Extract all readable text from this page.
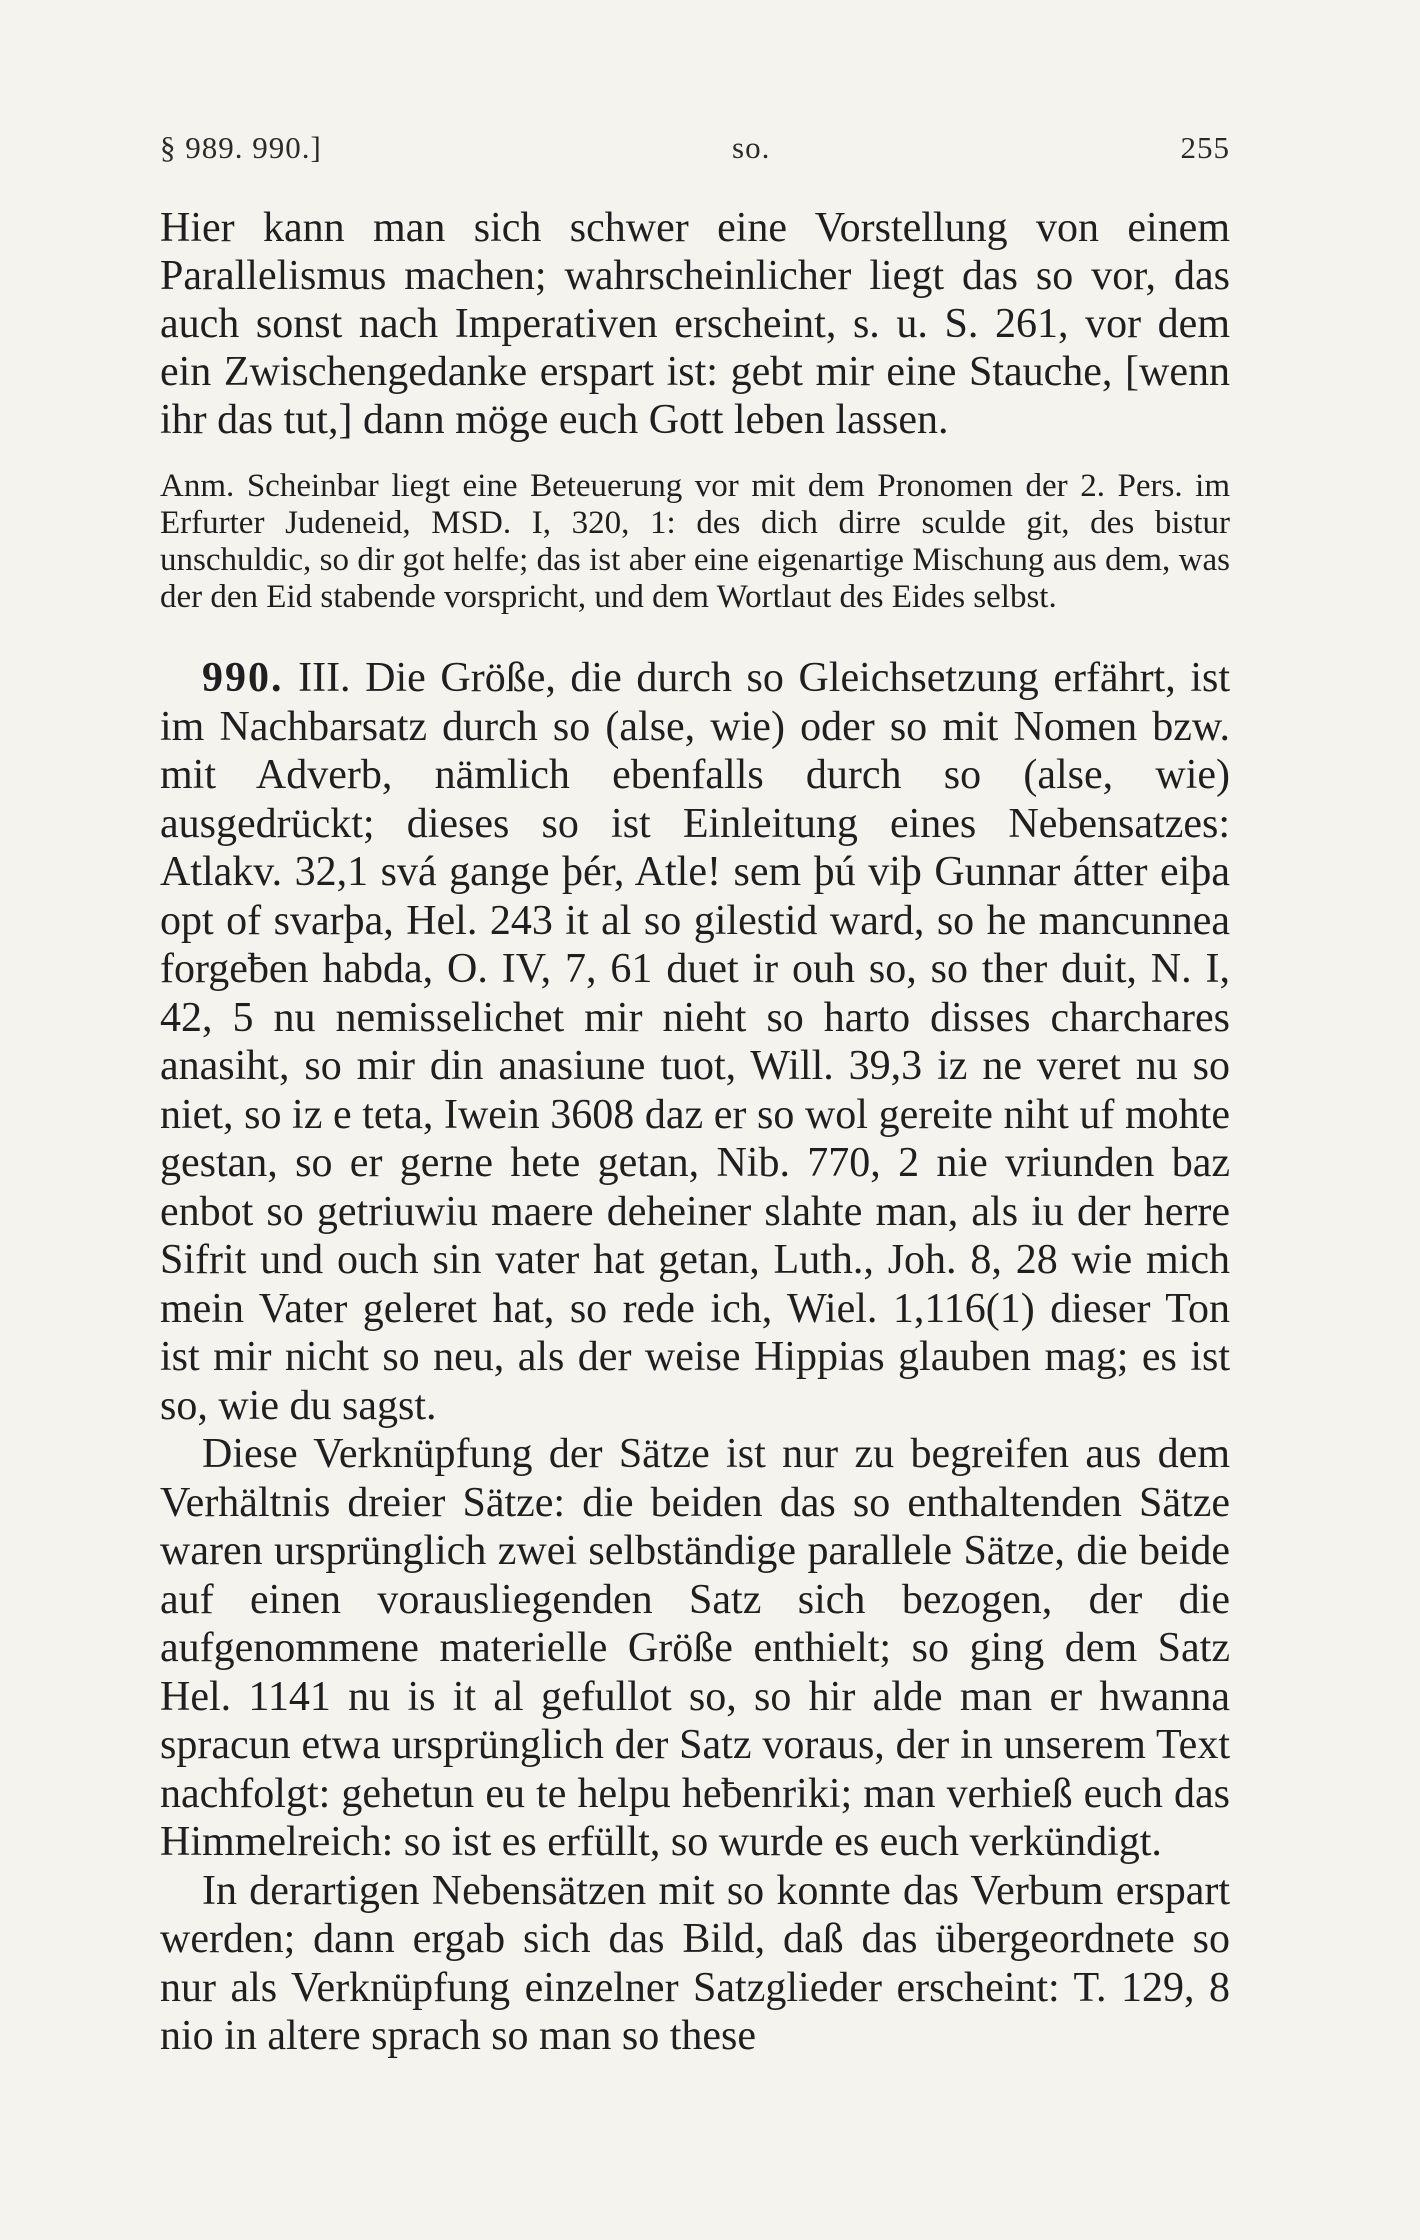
§ 989. 990.]	so.	255

Hier kann man sich schwer eine Vorstellung von einem Parallelismus machen; wahrscheinlicher liegt das so vor, das auch sonst nach Imperativen erscheint, s. u. S. 261, vor dem ein Zwischengedanke erspart ist: gebt mir eine Stauche, [wenn ihr das tut,] dann möge euch Gott leben lassen.

Anm. Scheinbar liegt eine Beteuerung vor mit dem Pronomen der 2. Pers. im Erfurter Judeneid, MSD. I, 320, 1: des dich dirre sculde git, des bistur unschuldic, so dir got helfe; das ist aber eine eigenartige Mischung aus dem, was der den Eid stabende vorspricht, und dem Wortlaut des Eides selbst.

990. III. Die Größe, die durch so Gleichsetzung erfährt, ist im Nachbarsatz durch so (alse, wie) oder so mit Nomen bzw. mit Adverb, nämlich ebenfalls durch so (alse, wie) ausgedrückt; dieses so ist Einleitung eines Nebensatzes: Atlakv. 32,1 svá gange þér, Atle! sem þú viþ Gunnar átter eiþa opt of svarþa, Hel. 243 it al so gilestid ward, so he mancunnea forgeƀen habda, O. IV, 7, 61 duet ir ouh so, so ther duit, N. I, 42, 5 nu nemisselichet mir nieht so harto disses charchares anasiht, so mir din anasiune tuot, Will. 39,3 iz ne veret nu so niet, so iz e teta, Iwein 3608 daz er so wol gereite niht uf mohte gestan, so er gerne hete getan, Nib. 770, 2 nie vriunden baz enbot so getriuwiu maere deheiner slahte man, als iu der herre Sifrit und ouch sin vater hat getan, Luth., Joh. 8, 28 wie mich mein Vater geleret hat, so rede ich, Wiel. 1,116(1) dieser Ton ist mir nicht so neu, als der weise Hippias glauben mag; es ist so, wie du sagst.

Diese Verknüpfung der Sätze ist nur zu begreifen aus dem Verhältnis dreier Sätze: die beiden das so enthaltenden Sätze waren ursprünglich zwei selbständige parallele Sätze, die beide auf einen vorausliegenden Satz sich bezogen, der die aufgenommene materielle Größe enthielt; so ging dem Satz Hel. 1141 nu is it al gefullot so, so hir alde man er hwanna spracun etwa ursprünglich der Satz voraus, der in unserem Text nachfolgt: gehetun eu te helpu heƀenriki; man verhieß euch das Himmelreich: so ist es erfüllt, so wurde es euch verkündigt.

In derartigen Nebensätzen mit so konnte das Verbum erspart werden; dann ergab sich das Bild, daß das übergeordnete so nur als Verknüpfung einzelner Satzglieder erscheint: T. 129, 8 nio in altere sprach so man so these
